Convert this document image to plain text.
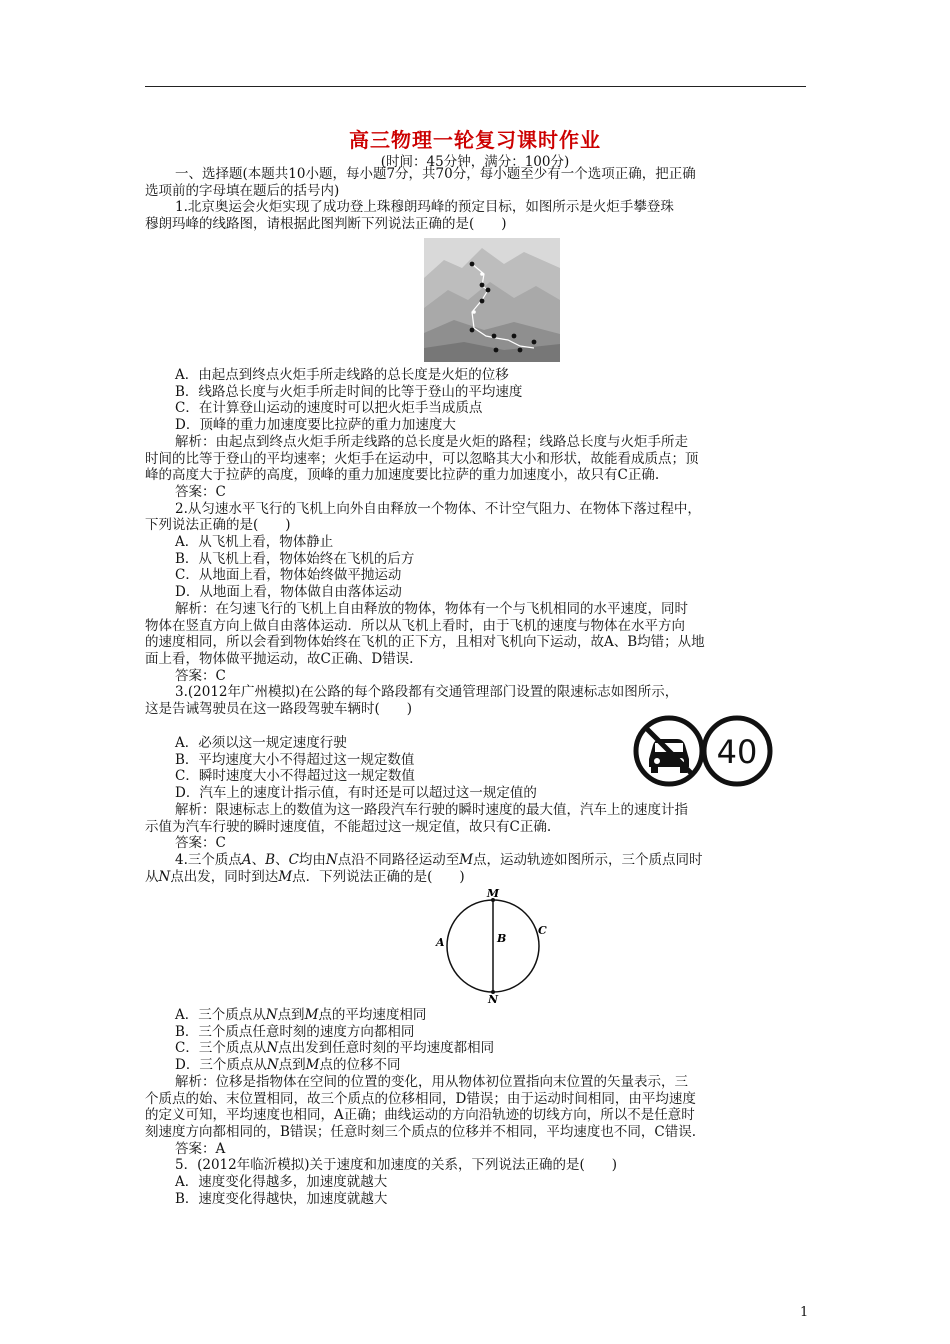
高三物理一轮复习课时作业
(时间：45分钟，满分：100分)
一、选择题(本题共10小题，每小题7分，共70分，每小题至少有一个选项正确，把正确
选项前的字母填在题后的括号内)
1.北京奥运会火炬实现了成功登上珠穆朗玛峰的预定目标，如图所示是火炬手攀登珠
穆朗玛峰的线路图，请根据此图判断下列说法正确的是(　　)
A．由起点到终点火炬手所走线路的总长度是火炬的位移
B．线路总长度与火炬手所走时间的比等于登山的平均速度
C．在计算登山运动的速度时可以把火炬手当成质点
D．顶峰的重力加速度要比拉萨的重力加速度大
解析：由起点到终点火炬手所走线路的总长度是火炬的路程；线路总长度与火炬手所走
时间的比等于登山的平均速率；火炬手在运动中，可以忽略其大小和形状，故能看成质点；顶
峰的高度大于拉萨的高度，顶峰的重力加速度要比拉萨的重力加速度小，故只有C正确.
答案：C
2.从匀速水平飞行的飞机上向外自由释放一个物体、不计空气阻力、在物体下落过程中，
下列说法正确的是(　　)
A．从飞机上看，物体静止
B．从飞机上看，物体始终在飞机的后方
C．从地面上看，物体始终做平抛运动
D．从地面上看，物体做自由落体运动
解析：在匀速飞行的飞机上自由释放的物体，物体有一个与飞机相同的水平速度，同时
物体在竖直方向上做自由落体运动．所以从飞机上看时，由于飞机的速度与物体在水平方向
的速度相同，所以会看到物体始终在飞机的正下方，且相对飞机向下运动，故A、B均错；从地
面上看，物体做平抛运动，故C正确、D错误.
答案：C
3.(2012年广州模拟)在公路的每个路段都有交通管理部门设置的限速标志如图所示，
这是告诫驾驶员在这一路段驾驶车辆时(　　)
A．必须以这一规定速度行驶
B．平均速度大小不得超过这一规定数值
C．瞬时速度大小不得超过这一规定数值
D．汽车上的速度计指示值，有时还是可以超过这一规定值的
解析：限速标志上的数值为这一路段汽车行驶的瞬时速度的最大值，汽车上的速度计指
示值为汽车行驶的瞬时速度值，不能超过这一规定值，故只有C正确.
答案：C
40
4.三个质点A、B、C均由N点沿不同路径运动至M点，运动轨迹如图所示，三个质点同时
从N点出发，同时到达M点．下列说法正确的是(　　)
M
N
A	B
C
A．三个质点从N点到M点的平均速度相同
B．三个质点任意时刻的速度方向都相同
C．三个质点从N点出发到任意时刻的平均速度都相同
D．三个质点从N点到M点的位移不同
解析：位移是指物体在空间的位置的变化，用从物体初位置指向末位置的矢量表示，三
个质点的始、末位置相同，故三个质点的位移相同，D错误；由于运动时间相同，由平均速度
的定义可知，平均速度也相同，A正确；曲线运动的方向沿轨迹的切线方向，所以不是任意时
刻速度方向都相同的，B错误；任意时刻三个质点的位移并不相同，平均速度也不同，C错误.
答案：A
5．(2012年临沂模拟)关于速度和加速度的关系，下列说法正确的是(　　)
A．速度变化得越多，加速度就越大
B．速度变化得越快，加速度就越大
1
